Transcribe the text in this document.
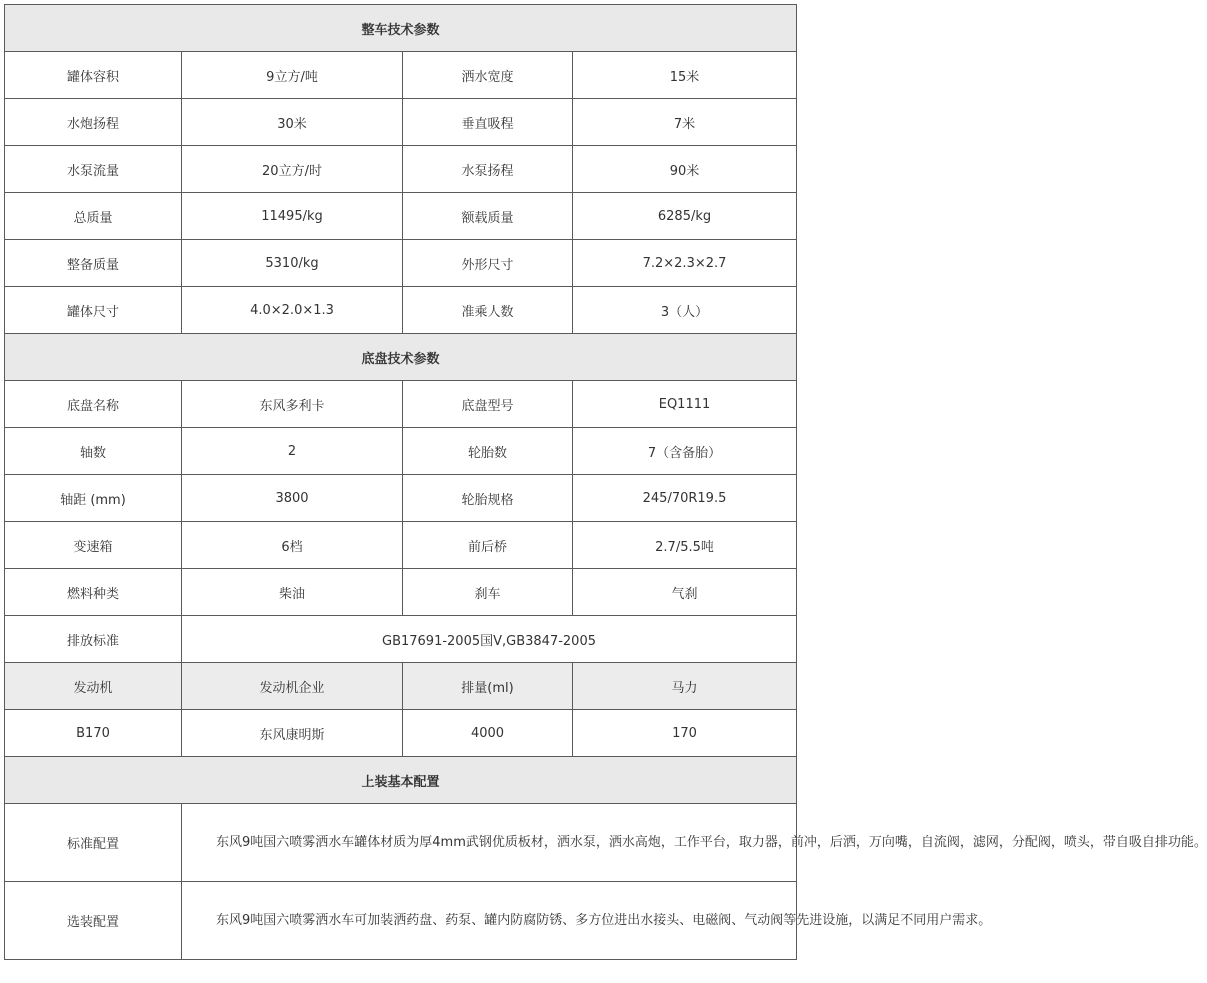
整车技术参数			
罐体容积	9立方/吨	洒水宽度	15米
水炮扬程	30米	垂直吸程	7米
水泵流量	20立方/时	水泵扬程	90米
总质量	11495/kg	额载质量	6285/kg
整备质量	5310/kg	外形尺寸	7.2×2.3×2.7
罐体尺寸	4.0×2.0×1.3	准乘人数	3（人）
底盘技术参数			
底盘名称	东风多利卡	底盘型号	EQ1111
轴数	2	轮胎数	7（含备胎）
轴距 (mm)	3800	轮胎规格	245/70R19.5
变速箱	6档	前后桥	2.7/5.5吨
燃料种类	柴油	刹车	气刹
排放标准	GB17691-2005国Ⅴ,GB3847-2005		
发动机	发动机企业	排量(ml)	马力
B170	东风康明斯	4000	170
上装基本配置			
标准配置	东风9吨国六喷雾洒水车罐体材质为厚4mm武钢优质板材，洒水泵，洒水高炮，工作平台，取力器，前冲，后洒，万向嘴，自流阀，滤网，分配阀，喷头，带自吸自排功能。		
选装配置	东风9吨国六喷雾洒水车可加装洒药盘、药泵、罐内防腐防锈、多方位进出水接头、电磁阀、气动阀等先进设施，以满足不同用户需求。		
